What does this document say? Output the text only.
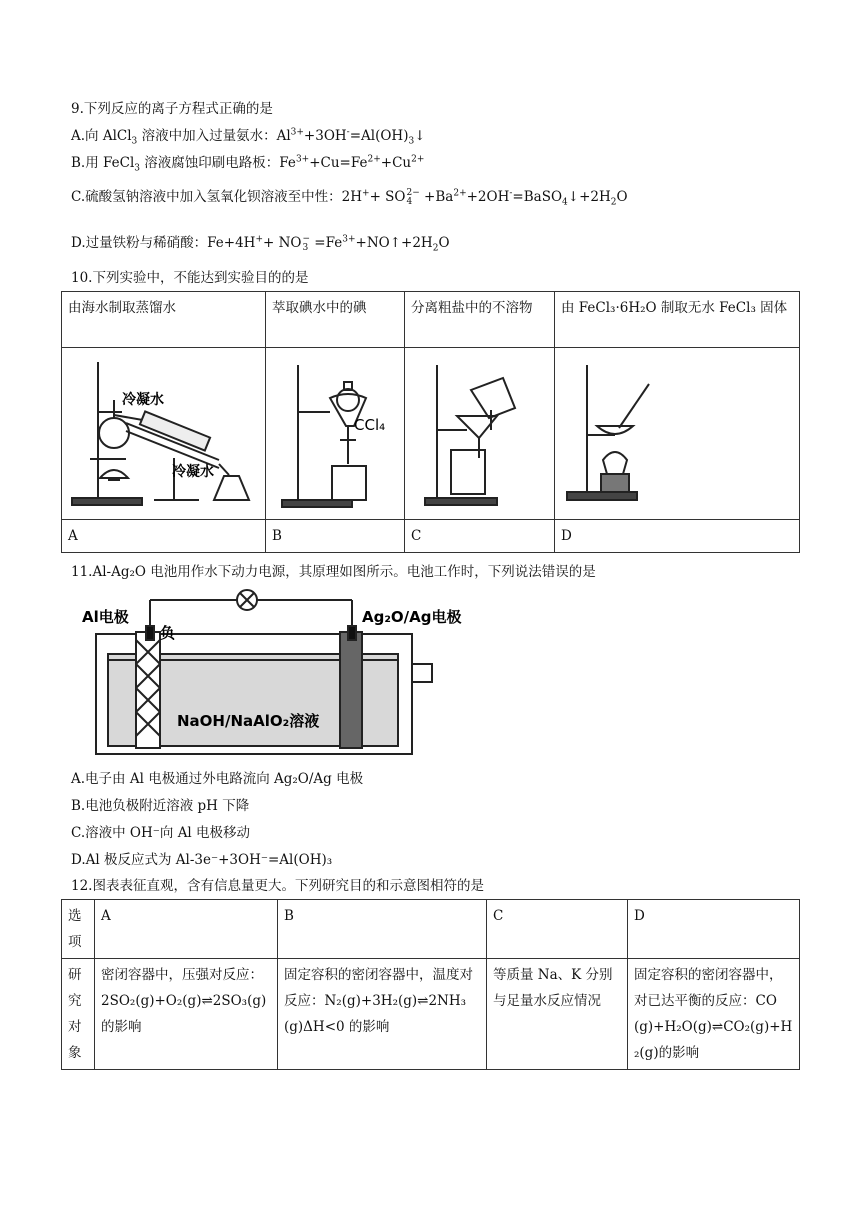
9.下列反应的离子方程式正确的是
A.向 AlCl$_3$ 溶液中加入过量氨水：$Al^{3+}+3OH^-=Al(OH)_3↓$
B.用 FeCl$_3$ 溶液腐蚀印刷电路板：$Fe^{3+}+Cu=Fe^{2+}+Cu^{2+}$
C.硫酸氢钠溶液中加入氢氧化钡溶液至中性：2H++ SO 2−
$4 +Ba^{2+}+2OH^-=BaSO_4↓+2H_2O$
D.过量铁粉与稀硝酸：Fe+4H++ NO −
$3 =Fe^{3+}+NO↑+2H_2O$
10.下列实验中，不能达到实验目的的是
由海水制取蒸馏水	萃取碘水中的碘	分离粗盐中的不溶物	由 FeCl₃·6H₂O 制取无水 FeCl₃ 固体

冷凝水
冷凝水	CCl₄

A	B	C	D
11.Al-Ag₂O 电池用作水下动力电源，其原理如图所示。电池工作时，下列说法错误的是
Al电极
负
Ag₂O/Ag电极
NaOH/NaAlO₂溶液
A.电子由 Al 电极通过外电路流向 Ag₂O/Ag 电极
B.电池负极附近溶液 pH 下降
C.溶液中 OH⁻向 Al 电极移动
D.Al 极反应式为 Al-3e⁻+3OH⁻=Al(OH)₃
12.图表表征直观，含有信息量更大。下列研究目的和示意图相符的是
选项	A	B	C	D
研究对象	密闭容器中，压强对反应：2SO₂(g)+O₂(g)⇌2SO₃(g)的影响	固定容积的密闭容器中，温度对反应：N₂(g)+3H₂(g)⇌2NH₃(g)ΔH<0 的影响	等质量 Na、K 分别与足量水反应情况	固定容积的密闭容器中，对已达平衡的反应：CO(g)+H₂O(g)⇌CO₂(g)+H₂(g)的影响
